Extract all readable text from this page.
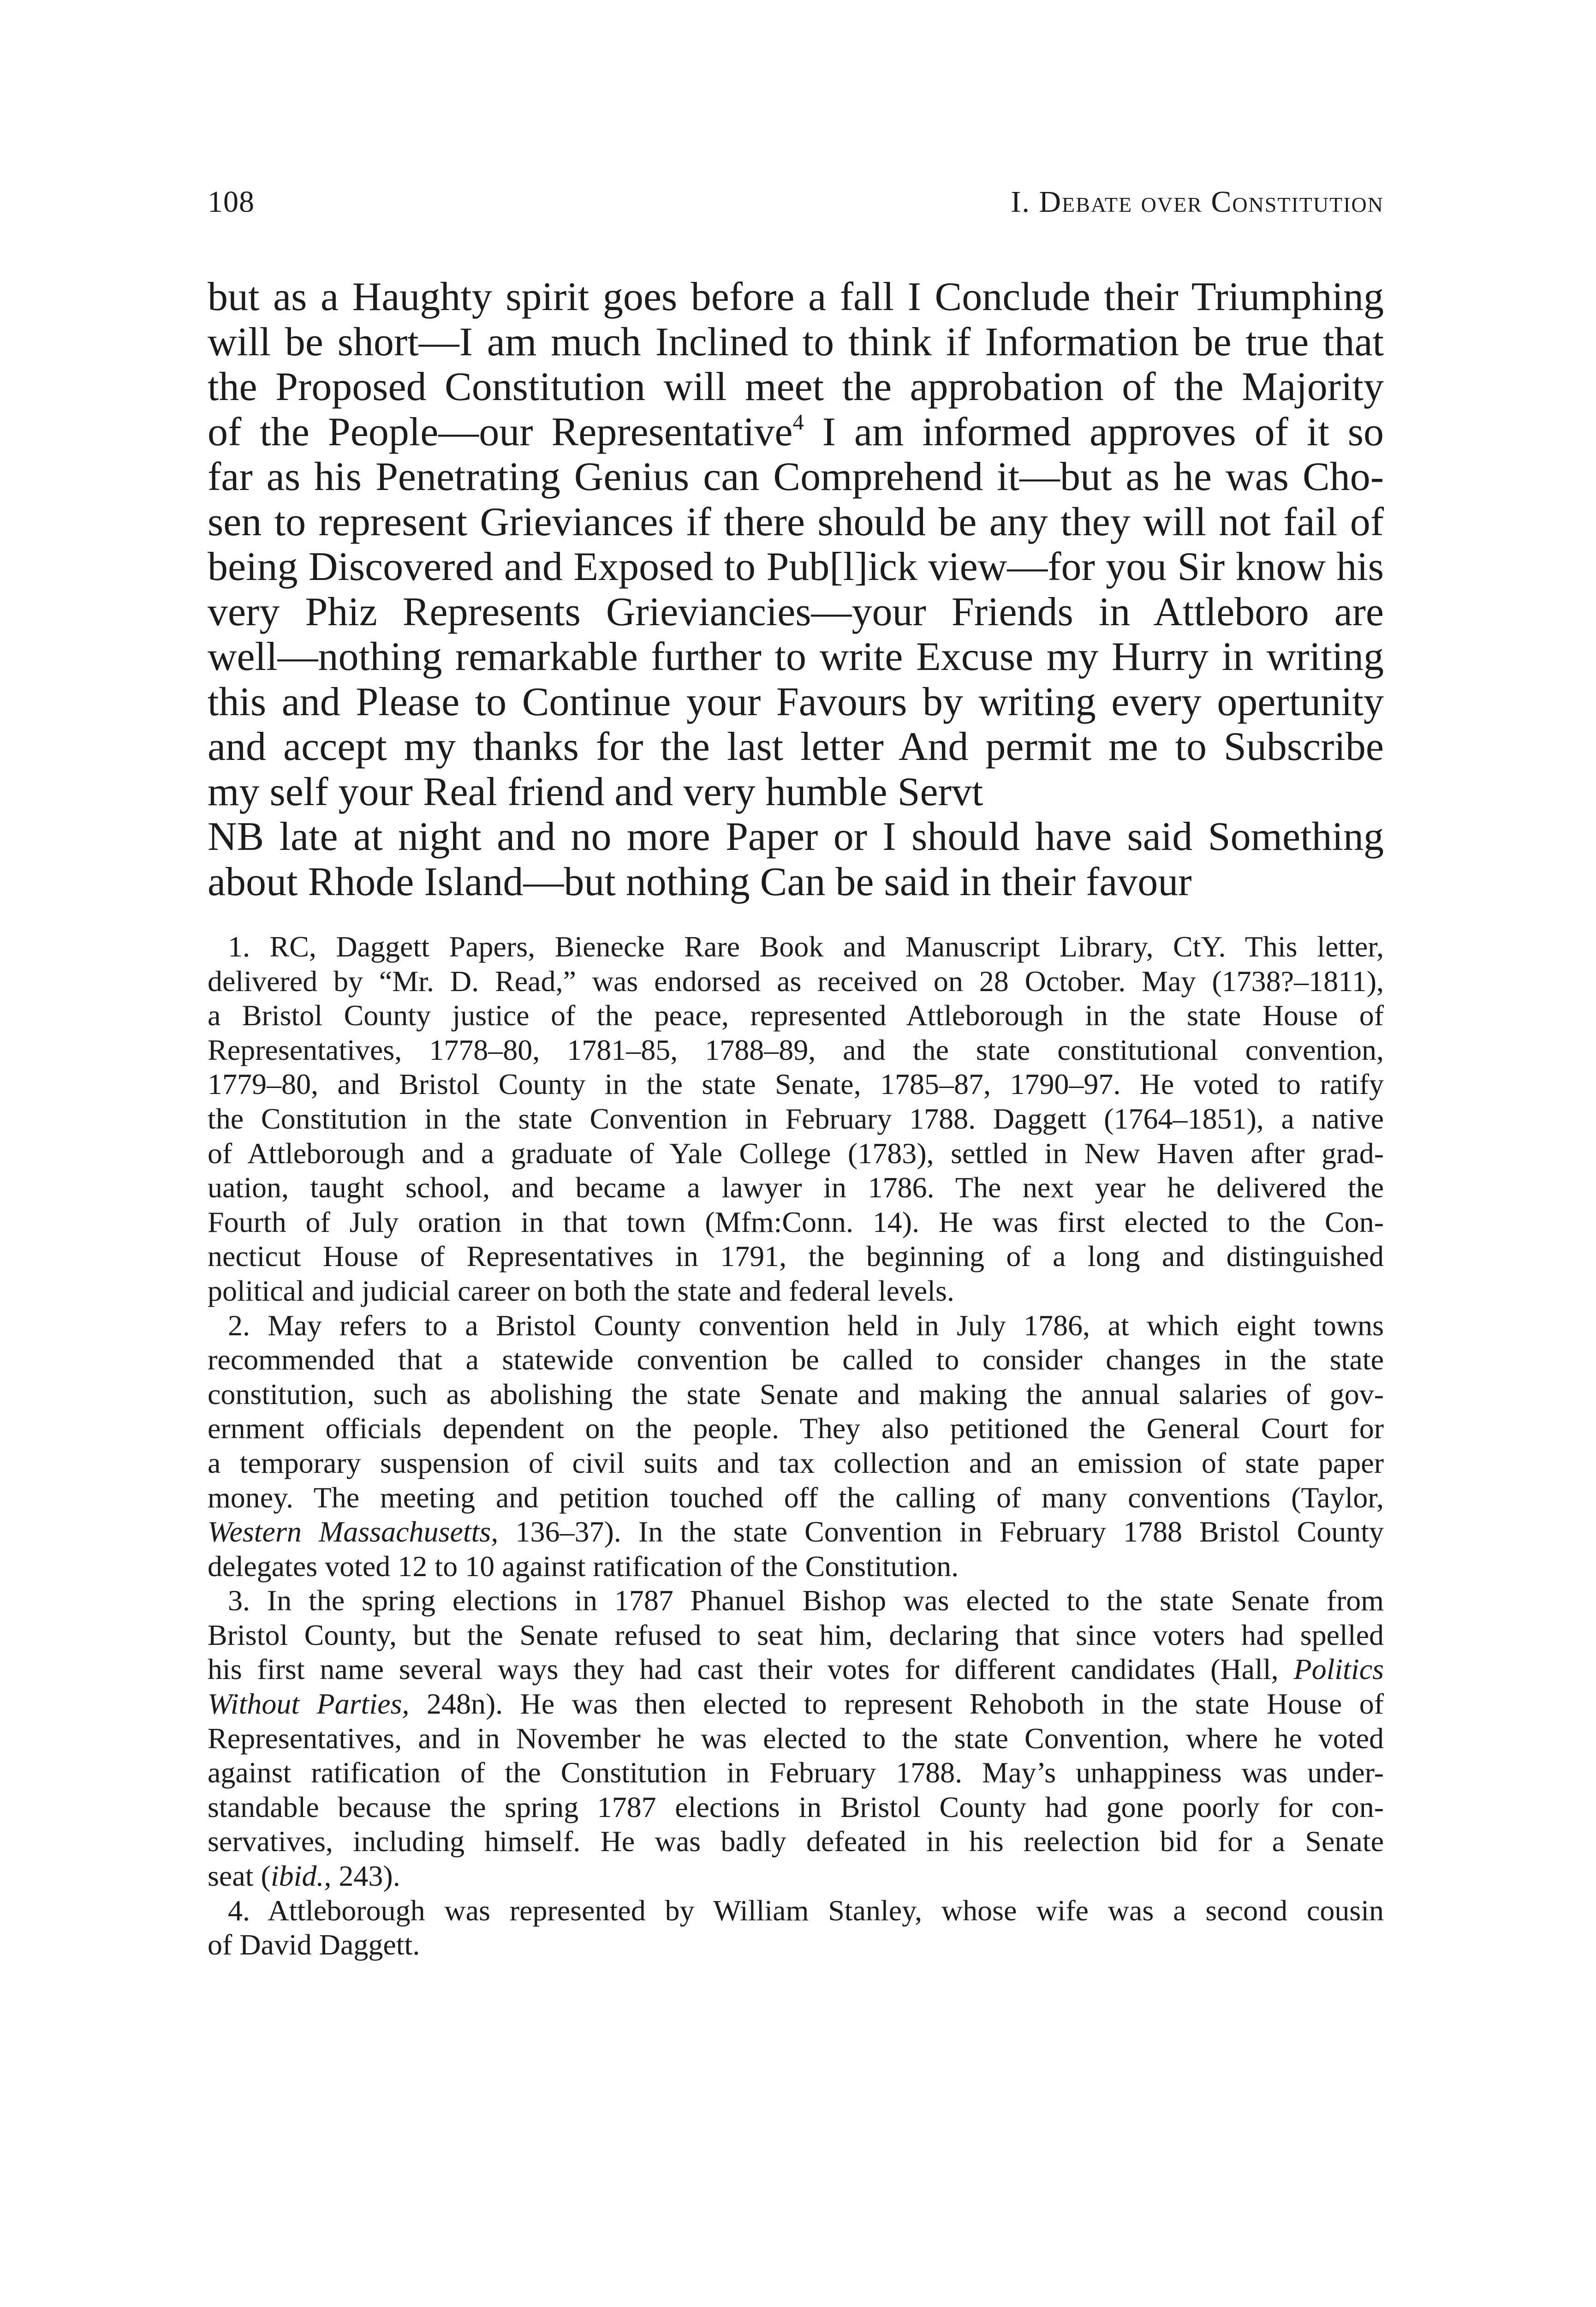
108	I. Debate over Constitution
but as a Haughty spirit goes before a fall I Conclude their Triumphing
will be short—I am much Inclined to think if Information be true that
the Proposed Constitution will meet the approbation of the Majority
of the People—our Representative$^4$ I am informed approves of it so
far as his Penetrating Genius can Comprehend it—but as he was Cho-
sen to represent Grieviances if there should be any they will not fail of
being Discovered and Exposed to Pub[l]ick view—for you Sir know his
very Phiz Represents Grieviancies—your Friends in Attleboro are
well—nothing remarkable further to write Excuse my Hurry in writing
this and Please to Continue your Favours by writing every opertunity
and accept my thanks for the last letter And permit me to Subscribe
my self your Real friend and very humble Servt
NB late at night and no more Paper or I should have said Something
about Rhode Island—but nothing Can be said in their favour
1. RC, Daggett Papers, Bienecke Rare Book and Manuscript Library, CtY. This letter,
delivered by “Mr. D. Read,” was endorsed as received on 28 October. May (1738?–1811),
a Bristol County justice of the peace, represented Attleborough in the state House of
Representatives, 1778–80, 1781–85, 1788–89, and the state constitutional convention,
1779–80, and Bristol County in the state Senate, 1785–87, 1790–97. He voted to ratify
the Constitution in the state Convention in February 1788. Daggett (1764–1851), a native
of Attleborough and a graduate of Yale College (1783), settled in New Haven after grad-
uation, taught school, and became a lawyer in 1786. The next year he delivered the
Fourth of July oration in that town (Mfm:Conn. 14). He was first elected to the Con-
necticut House of Representatives in 1791, the beginning of a long and distinguished
political and judicial career on both the state and federal levels.
2. May refers to a Bristol County convention held in July 1786, at which eight towns
recommended that a statewide convention be called to consider changes in the state
constitution, such as abolishing the state Senate and making the annual salaries of gov-
ernment officials dependent on the people. They also petitioned the General Court for
a temporary suspension of civil suits and tax collection and an emission of state paper
money. The meeting and petition touched off the calling of many conventions (Taylor,
Western Massachusetts, 136–37). In the state Convention in February 1788 Bristol County
delegates voted 12 to 10 against ratification of the Constitution.
3. In the spring elections in 1787 Phanuel Bishop was elected to the state Senate from
Bristol County, but the Senate refused to seat him, declaring that since voters had spelled
his first name several ways they had cast their votes for different candidates (Hall, Politics
Without Parties, 248n). He was then elected to represent Rehoboth in the state House of
Representatives, and in November he was elected to the state Convention, where he voted
against ratification of the Constitution in February 1788. May’s unhappiness was under-
standable because the spring 1787 elections in Bristol County had gone poorly for con-
servatives, including himself. He was badly defeated in his reelection bid for a Senate
seat (ibid., 243).
4. Attleborough was represented by William Stanley, whose wife was a second cousin
of David Daggett.
